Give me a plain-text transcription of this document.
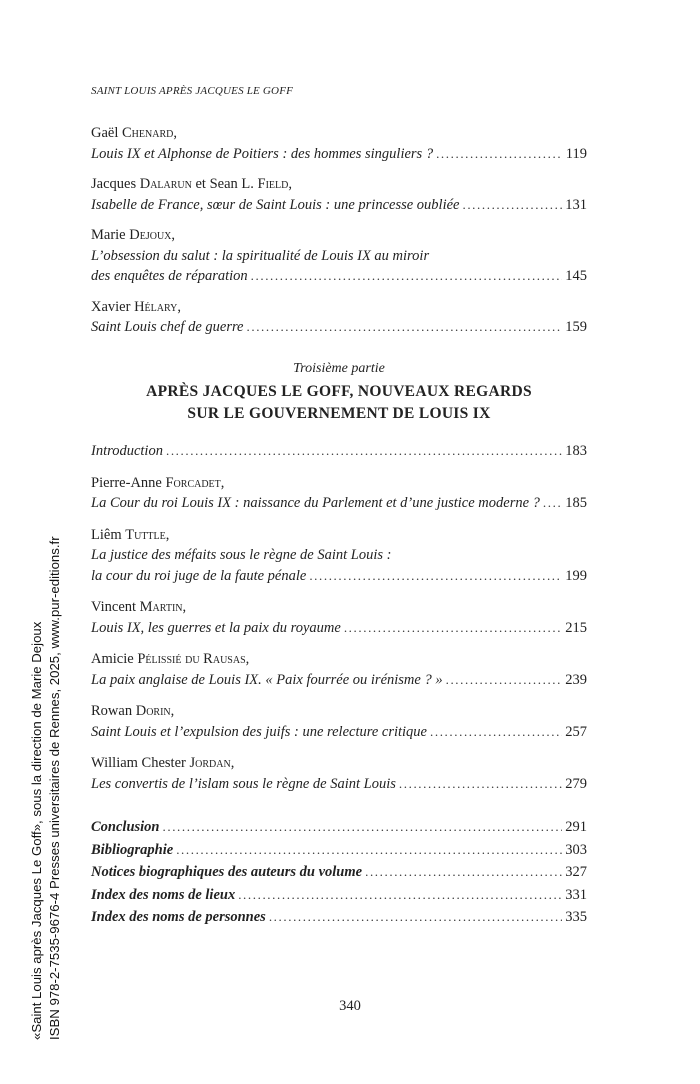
SAINT LOUIS APRÈS JACQUES LE GOFF
Gaël Chenard,
Louis IX et Alphonse de Poitiers : des hommes singuliers ? .....	119
Jacques Dalarun et Sean L. Field,
Isabelle de France, sœur de Saint Louis : une princesse oubliée .....	131
Marie Dejoux,
L’obsession du salut : la spiritualité de Louis IX au miroir
des enquêtes de réparation .....	145
Xavier Hélary,
Saint Louis chef de guerre .....	159
Troisième partie
APRÈS JACQUES LE GOFF, NOUVEAUX REGARDS
SUR LE GOUVERNEMENT DE LOUIS IX
Introduction .....	183
Pierre-Anne Forcadet,
La Cour du roi Louis IX : naissance du Parlement et d’une justice moderne ? ..... 185
Liêm Tuttle,
La justice des méfaits sous le règne de Saint Louis :
la cour du roi juge de la faute pénale .....	199
Vincent Martin,
Louis IX, les guerres et la paix du royaume .....	215
Amicie Pélissié du Rausas,
La paix anglaise de Louis IX. « Paix fourrée ou irénisme ? » .....	239
Rowan Dorin,
Saint Louis et l’expulsion des juifs : une relecture critique .....	257
William Chester Jordan,
Les convertis de l’islam sous le règne de Saint Louis .....	279
Conclusion .....	291
Bibliographie .....	303
Notices biographiques des auteurs du volume .....	327
Index des noms de lieux .....	331
Index des noms de personnes .....	335
340
«Saint Louis après Jacques Le Goff», sous la direction de Marie Dejoux ISBN 978-2-7535-9676-4 Presses universitaires de Rennes, 2025, www.pur-editions.fr
